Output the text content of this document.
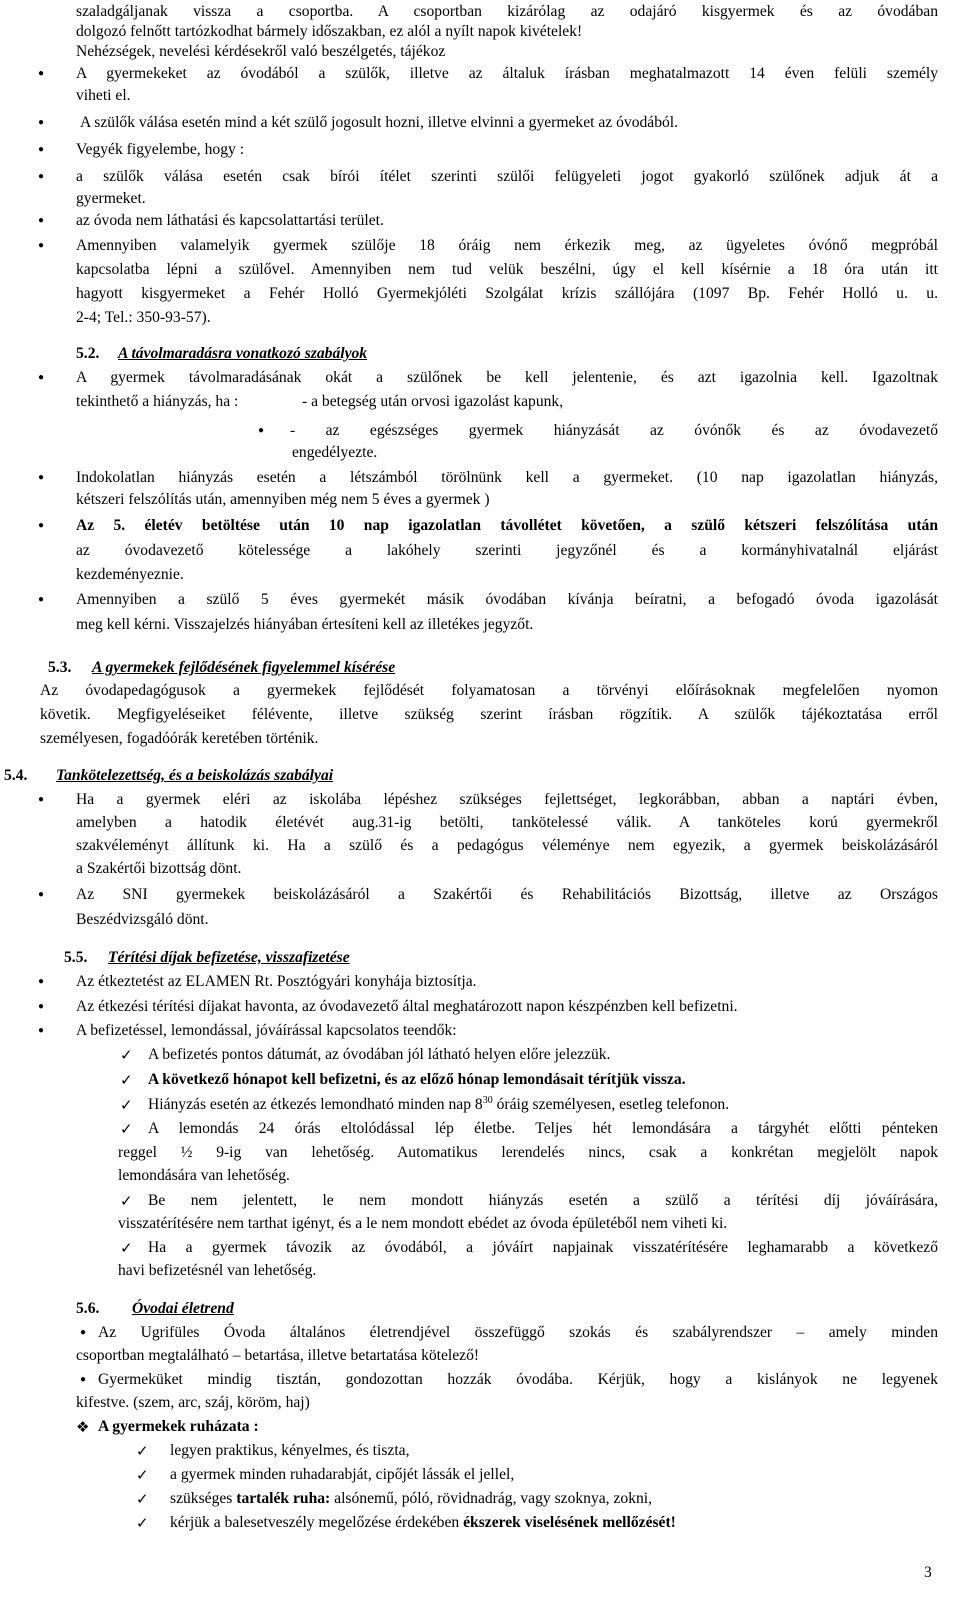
szaladgáljanak vissza a csoportba. A csoportban kizárólag az odajáró kisgyermek és az óvodában
dolgozó felnőtt tartózkodhat bármely időszakban, ez alól a nyílt napok kivételek!
Nehézségek, nevelési kérdésekről való beszélgetés, tájékoz
● A gyermekeket az óvodából a szülők, illetve az általuk írásban meghatalmazott 14 éven felüli személy
viheti el.
● A szülők válása esetén mind a két szülő jogosult hozni, illetve elvinni a gyermeket az óvodából.
● Vegyék figyelembe, hogy :
● a szülők válása esetén csak bírói ítélet szerinti szülői felügyeleti jogot gyakorló szülőnek adjuk át a
gyermeket.
● az óvoda nem láthatási és kapcsolattartási terület.
● Amennyiben valamelyik gyermek szülője 18 óráig nem érkezik meg, az ügyeletes óvónő megpróbál
kapcsolatba lépni a szülővel. Amennyiben nem tud velük beszélni, úgy el kell kísérnie a 18 óra után itt
hagyott kisgyermeket a Fehér Holló Gyermekjóléti Szolgálat krízis szállójára (1097 Bp. Fehér Holló u. u.
2-4; Tel.: 350-93-57).
5.2. A távolmaradásra vonatkozó szabályok
● A gyermek távolmaradásának okát a szülőnek be kell jelentenie, és azt igazolnia kell. Igazoltnak
tekinthető a hiányzás, ha :	- a betegség után orvosi igazolást kapunk,
● - az egészséges gyermek hiányzását az óvónők és az óvodavezető
engedélyezte.
● Indokolatlan hiányzás esetén a létszámból törölnünk kell a gyermeket. (10 nap igazolatlan hiányzás,
kétszeri felszólítás után, amennyiben még nem 5 éves a gyermek )
● Az 5. életév betöltése után 10 nap igazolatlan távollétet követően, a szülő kétszeri felszólítása után
az óvodavezető kötelessége a lakóhely szerinti jegyzőnél és a kormányhivatalnál eljárást
kezdeményeznie.
● Amennyiben a szülő 5 éves gyermekét másik óvodában kívánja beíratni, a befogadó óvoda igazolását
meg kell kérni. Visszajelzés hiányában értesíteni kell az illetékes jegyzőt.
5.3. A gyermekek fejlődésének figyelemmel kísérése
Az óvodapedagógusok a gyermekek fejlődését folyamatosan a törvényi előírásoknak megfelelően nyomon
követik. Megfigyeléseiket félévente, illetve szükség szerint írásban rögzítik. A szülők tájékoztatása erről
személyesen, fogadóórák keretében történik.
5.4. Tankötelezettség, és a beiskolázás szabályai
● Ha a gyermek eléri az iskolába lépéshez szükséges fejlettséget, legkorábban, abban a naptári évben,
amelyben a hatodik életévét aug.31-ig betölti, tankötelessé válik. A tanköteles korú gyermekről
szakvéleményt állítunk ki. Ha a szülő és a pedagógus véleménye nem egyezik, a gyermek beiskolázásáról
a Szakértői bizottság dönt.
● Az SNI gyermekek beiskolázásáról a Szakértői és Rehabilitációs Bizottság, illetve az Országos
Beszédvizsgáló dönt.
5.5. Térítési díjak befizetése, visszafizetése
● Az étkeztetést az ELAMEN Rt. Posztógyári konyhája biztosítja.
● Az étkezési térítési díjakat havonta, az óvodavezető által meghatározott napon készpénzben kell befizetni.
● A befizetéssel, lemondással, jóváírással kapcsolatos teendők:
✓ A befizetés pontos dátumát, az óvodában jól látható helyen előre jelezzük.
✓ A következő hónapot kell befizetni, és az előző hónap lemondásait térítjük vissza.
✓ Hiányzás esetén az étkezés lemondható minden nap $8^{30}$ óráig személyesen, esetleg telefonon.
✓ A lemondás 24 órás eltolódással lép életbe. Teljes hét lemondására a tárgyhét előtti pénteken
reggel ½ 9-ig van lehetőség. Automatikus lerendelés nincs, csak a konkrétan megjelölt napok
lemondására van lehetőség.
✓ Be nem jelentett, le nem mondott hiányzás esetén a szülő a térítési díj jóváírására,
visszatérítésére nem tarthat igényt, és a le nem mondott ebédet az óvoda épületéből nem viheti ki.
✓ Ha a gyermek távozik az óvodából, a jóváírt napjainak visszatérítésére leghamarabb a következő
havi befizetésnél van lehetőség.
5.6. Óvodai életrend
● Az Ugrifüles Óvoda általános életrendjével összefüggő szokás és szabályrendszer – amely minden
csoportban megtalálható – betartása, illetve betartatása kötelező!
● Gyermeküket mindig tisztán, gondozottan hozzák óvodába. Kérjük, hogy a kislányok ne legyenek
kifestve. (szem, arc, száj, köröm, haj)
❖ A gyermekek ruházata :
✓ legyen praktikus, kényelmes, és tiszta,
✓ a gyermek minden ruhadarabját, cipőjét lássák el jellel,
✓ szükséges tartalék ruha: alsónemű, póló, rövidnadrág, vagy szoknya, zokni,
✓ kérjük a balesetveszély megelőzése érdekében ékszerek viselésének mellőzését!
3
